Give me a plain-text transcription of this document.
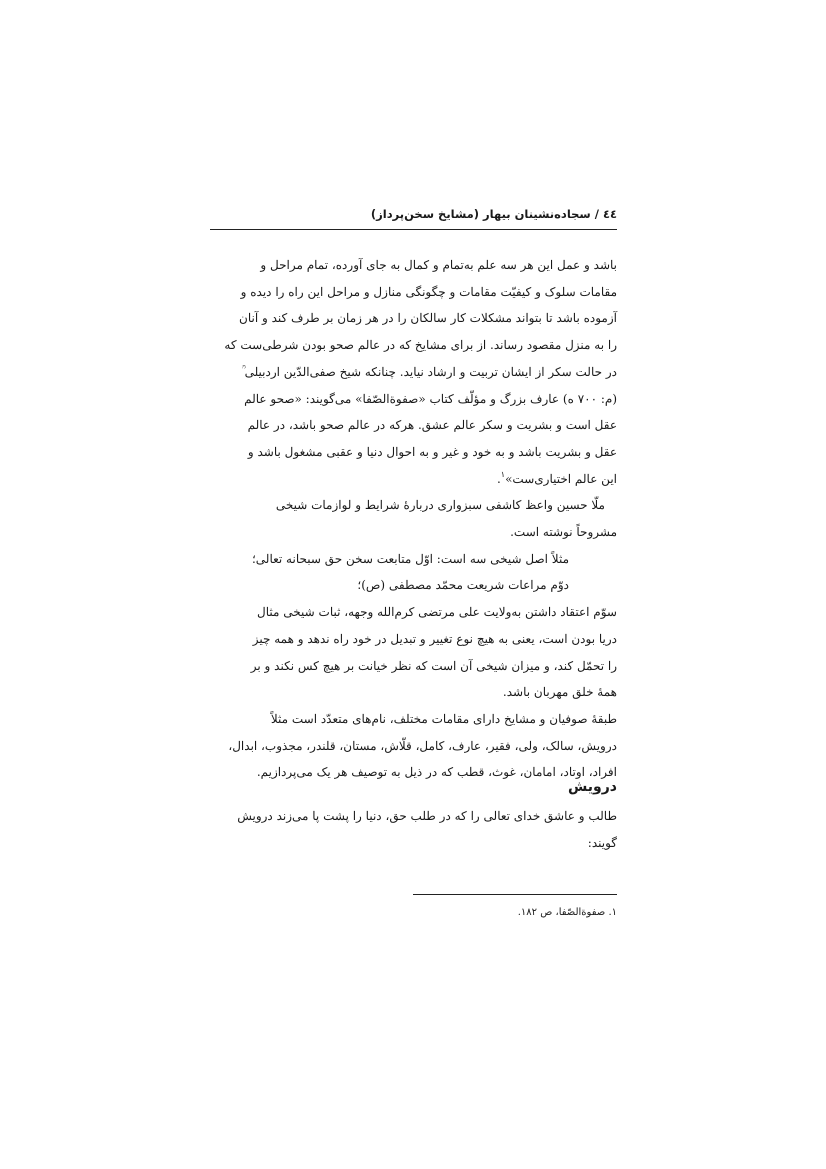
٤٤ / سجاده‌نشینان بیهار (مشایخ سخن‌پرداز)

باشد و عمل این هر سه علم به‌تمام و کمال به جای آورده، تمام مراحل و

مقامات سلوک و کیفیّت مقامات و چگونگی منازل و مراحل این راه را دیده و

آزموده باشد تا بتواند مشکلات کار سالکان را در هر زمان بر طرف کند و آنان

را به منزل مقصود رساند. از برای مشایخ که در عالم صحو بودن شرطی‌ست که

در حالت سکر از ایشان تربیت و ارشاد نیاید. چنانکه شیخ صفی‌الدّین اردبیلی ؒ

(م: ۷۰۰ ه) عارف بزرگ و مؤلّف کتاب «صفوة‌الصّفا» می‌گویند: «صحو عالم

عقل است و بشریت و سکر عالم عشق. هرکه در عالم صحو باشد، در عالم

عقل و بشریت باشد و به خود و غیر و به احوال دنیا و عقبی مشغول باشد و

این عالم اختیاری‌ست»$^۱$.

ملّا حسین واعظ کاشفی سبزواری دربارهٔ شرایط و لوازمات شیخی

مشروحاً نوشته است.

مثلاً اصل شیخی سه است: اوّل متابعت سخن حق سبحانه تعالی؛

دوّم مراعات شریعت محمّد مصطفی (ص)؛

سوّم اعتقاد داشتن به‌ولایت علی مرتضی کرم‌الله وجهه، ثبات شیخی مثال

دریا بودن است، یعنی به هیچ نوع تغییر و تبدیل در خود راه ندهد و همه چیز

را تحمّل کند، و میزان شیخی آن است که نظر خیانت بر هیچ کس نکند و بر

همهٔ خلق مهربان باشد.

طبقهٔ صوفیان و مشایخ دارای مقامات مختلف، نام‌های متعدّد است مثلاً

درویش، سالک، ولی، فقیر، عارف، کامل، قلّاش، مستان، قلندر، مجذوب، ابدال،

افراد، اوتاد، امامان، غوث، قطب که در ذیل به توصیف هر یک می‌پردازیم.

درویش

طالب و عاشق خدای تعالی را که در طلب حق، دنیا را پشت پا می‌زند درویش

گویند:

۱. صفوة‌الصّفا، ص ۱۸۲.
